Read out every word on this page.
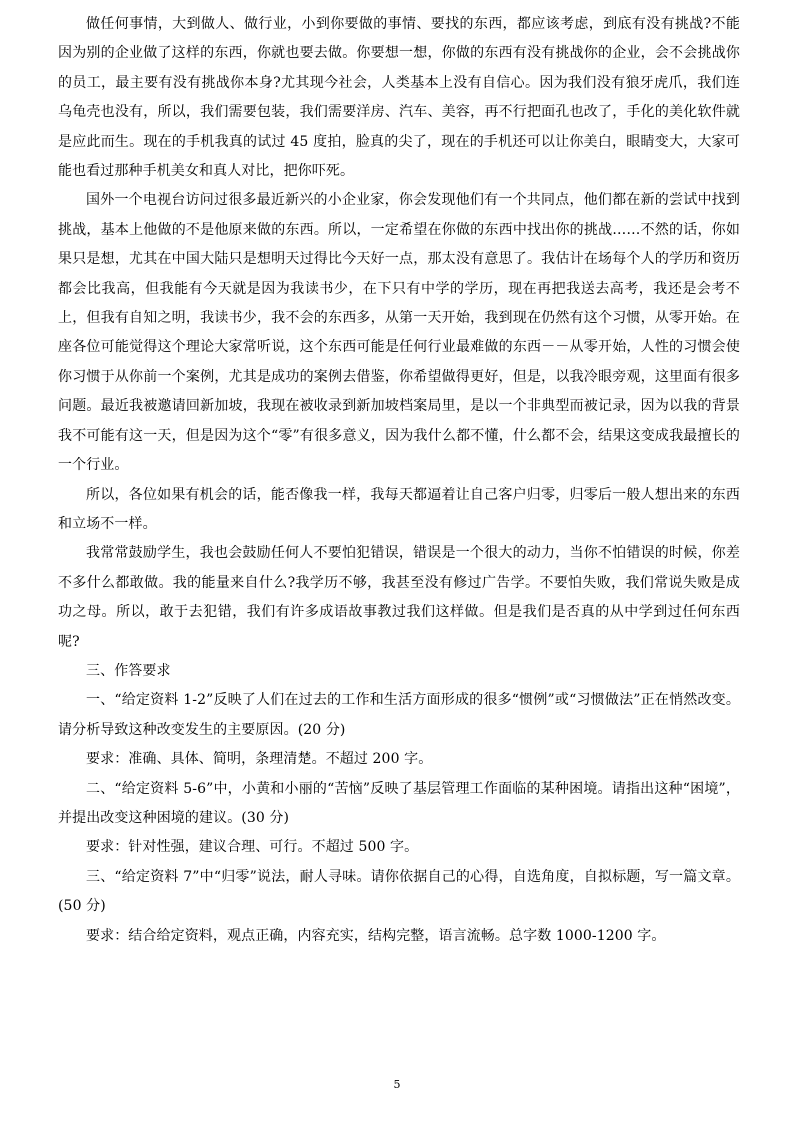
做任何事情，大到做人、做行业，小到你要做的事情、要找的东西，都应该考虑，到底有没有挑战?不能因为别的企业做了这样的东西，你就也要去做。你要想一想，你做的东西有没有挑战你的企业，会不会挑战你的员工，最主要有没有挑战你本身?尤其现今社会，人类基本上没有自信心。因为我们没有狼牙虎爪，我们连乌龟壳也没有，所以，我们需要包装，我们需要洋房、汽车、美容，再不行把面孔也改了，手化的美化软件就是应此而生。现在的手机我真的试过 45 度拍，脸真的尖了，现在的手机还可以让你美白，眼睛变大，大家可能也看过那种手机美女和真人对比，把你吓死。

国外一个电视台访问过很多最近新兴的小企业家，你会发现他们有一个共同点，他们都在新的尝试中找到挑战，基本上他做的不是他原来做的东西。所以，一定希望在你做的东西中找出你的挑战……不然的话，你如果只是想，尤其在中国大陆只是想明天过得比今天好一点，那太没有意思了。我估计在场每个人的学历和资历都会比我高，但我能有今天就是因为我读书少，在下只有中学的学历，现在再把我送去高考，我还是会考不上，但我有自知之明，我读书少，我不会的东西多，从第一天开始，我到现在仍然有这个习惯，从零开始。在座各位可能觉得这个理论大家常听说，这个东西可能是任何行业最难做的东西－－从零开始，人性的习惯会使你习惯于从你前一个案例，尤其是成功的案例去借鉴，你希望做得更好，但是，以我冷眼旁观，这里面有很多问题。最近我被邀请回新加坡，我现在被收录到新加坡档案局里，是以一个非典型而被记录，因为以我的背景我不可能有这一天，但是因为这个“零”有很多意义，因为我什么都不懂，什么都不会，结果这变成我最擅长的一个行业。

所以，各位如果有机会的话，能否像我一样，我每天都逼着让自己客户归零，归零后一般人想出来的东西和立场不一样。

我常常鼓励学生，我也会鼓励任何人不要怕犯错误，错误是一个很大的动力，当你不怕错误的时候，你差不多什么都敢做。我的能量来自什么?我学历不够，我甚至没有修过广告学。不要怕失败，我们常说失败是成功之母。所以，敢于去犯错，我们有许多成语故事教过我们这样做。但是我们是否真的从中学到过任何东西呢?

三、作答要求

一、“给定资料 1-2”反映了人们在过去的工作和生活方面形成的很多“惯例”或“习惯做法”正在悄然改变。请分析导致这种改变发生的主要原因。(20 分)

要求：准确、具体、简明，条理清楚。不超过 200 字。

二、“给定资料 5-6”中，小黄和小丽的“苦恼”反映了基层管理工作面临的某种困境。请指出这种“困境”，并提出改变这种困境的建议。(30 分)

要求：针对性强，建议合理、可行。不超过 500 字。

三、“给定资料 7”中“归零”说法，耐人寻味。请你依据自己的心得，自选角度，自拟标题，写一篇文章。(50 分)

要求：结合给定资料，观点正确，内容充实，结构完整，语言流畅。总字数 1000-1200 字。

5
